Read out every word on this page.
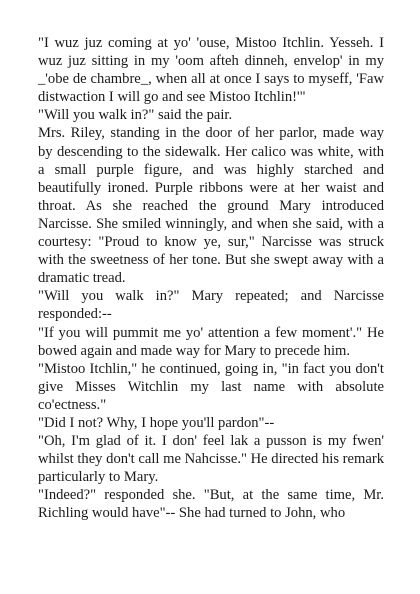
"I wuz juz coming at yo' 'ouse, Mistoo Itchlin. Yesseh. I wuz juz sitting in my 'oom afteh dinneh, envelop' in my _'obe de chambre_, when all at once I says to myseff, 'Faw distwaction I will go and see Mistoo Itchlin!'"

"Will you walk in?" said the pair.

Mrs. Riley, standing in the door of her parlor, made way by descending to the sidewalk. Her calico was white, with a small purple figure, and was highly starched and beautifully ironed. Purple ribbons were at her waist and throat. As she reached the ground Mary introduced Narcisse. She smiled winningly, and when she said, with a courtesy: "Proud to know ye, sur," Narcisse was struck with the sweetness of her tone. But she swept away with a dramatic tread.

"Will you walk in?" Mary repeated; and Narcisse responded:--

"If you will pummit me yo' attention a few moment'." He bowed again and made way for Mary to precede him.

"Mistoo Itchlin," he continued, going in, "in fact you don't give Misses Witchlin my last name with absolute co'ectness."

"Did I not? Why, I hope you'll pardon"--

"Oh, I'm glad of it. I don' feel lak a pusson is my fwen' whilst they don't call me Nahcisse." He directed his remark particularly to Mary.

"Indeed?" responded she. "But, at the same time, Mr. Richling would have"-- She had turned to John, who
